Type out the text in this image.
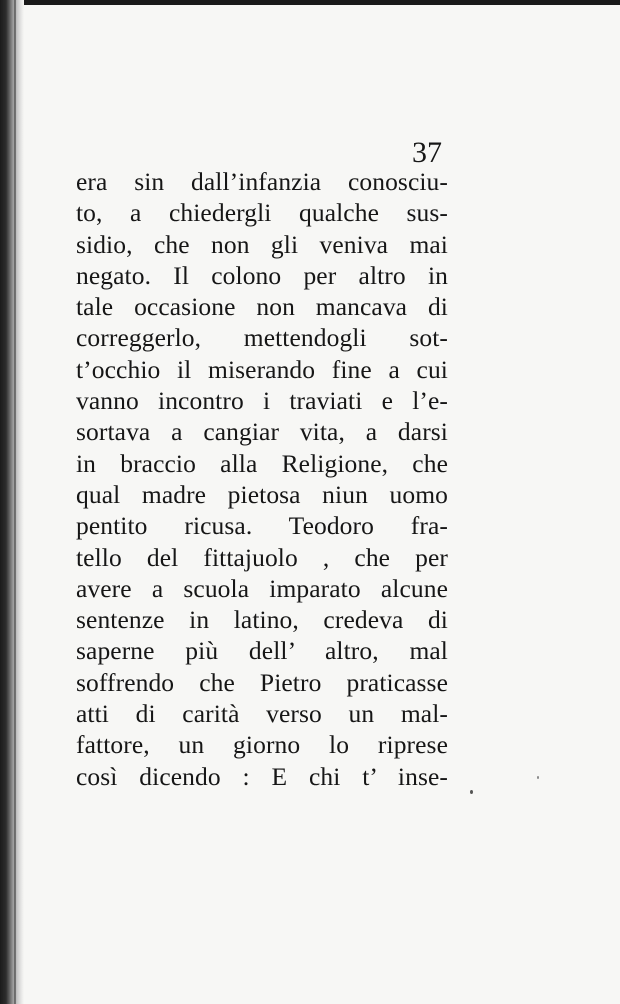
37
era sin dall’infanzia conosciu-
to, a chiedergli qualche sus-
sidio, che non gli veniva mai
negato. Il colono per altro in
tale occasione non mancava di
correggerlo, mettendogli sot-
t’occhio il miserando fine a cui
vanno incontro i traviati e l’e-
sortava a cangiar vita, a darsi
in braccio alla Religione, che
qual madre pietosa niun uomo
pentito ricusa. Teodoro fra-
tello del fittajuolo , che per
avere a scuola imparato alcune
sentenze in latino, credeva di
saperne più dell’ altro, mal
soffrendo che Pietro praticasse
atti di carità verso un mal-
fattore, un giorno lo riprese
così dicendo : E chi t’ inse-
